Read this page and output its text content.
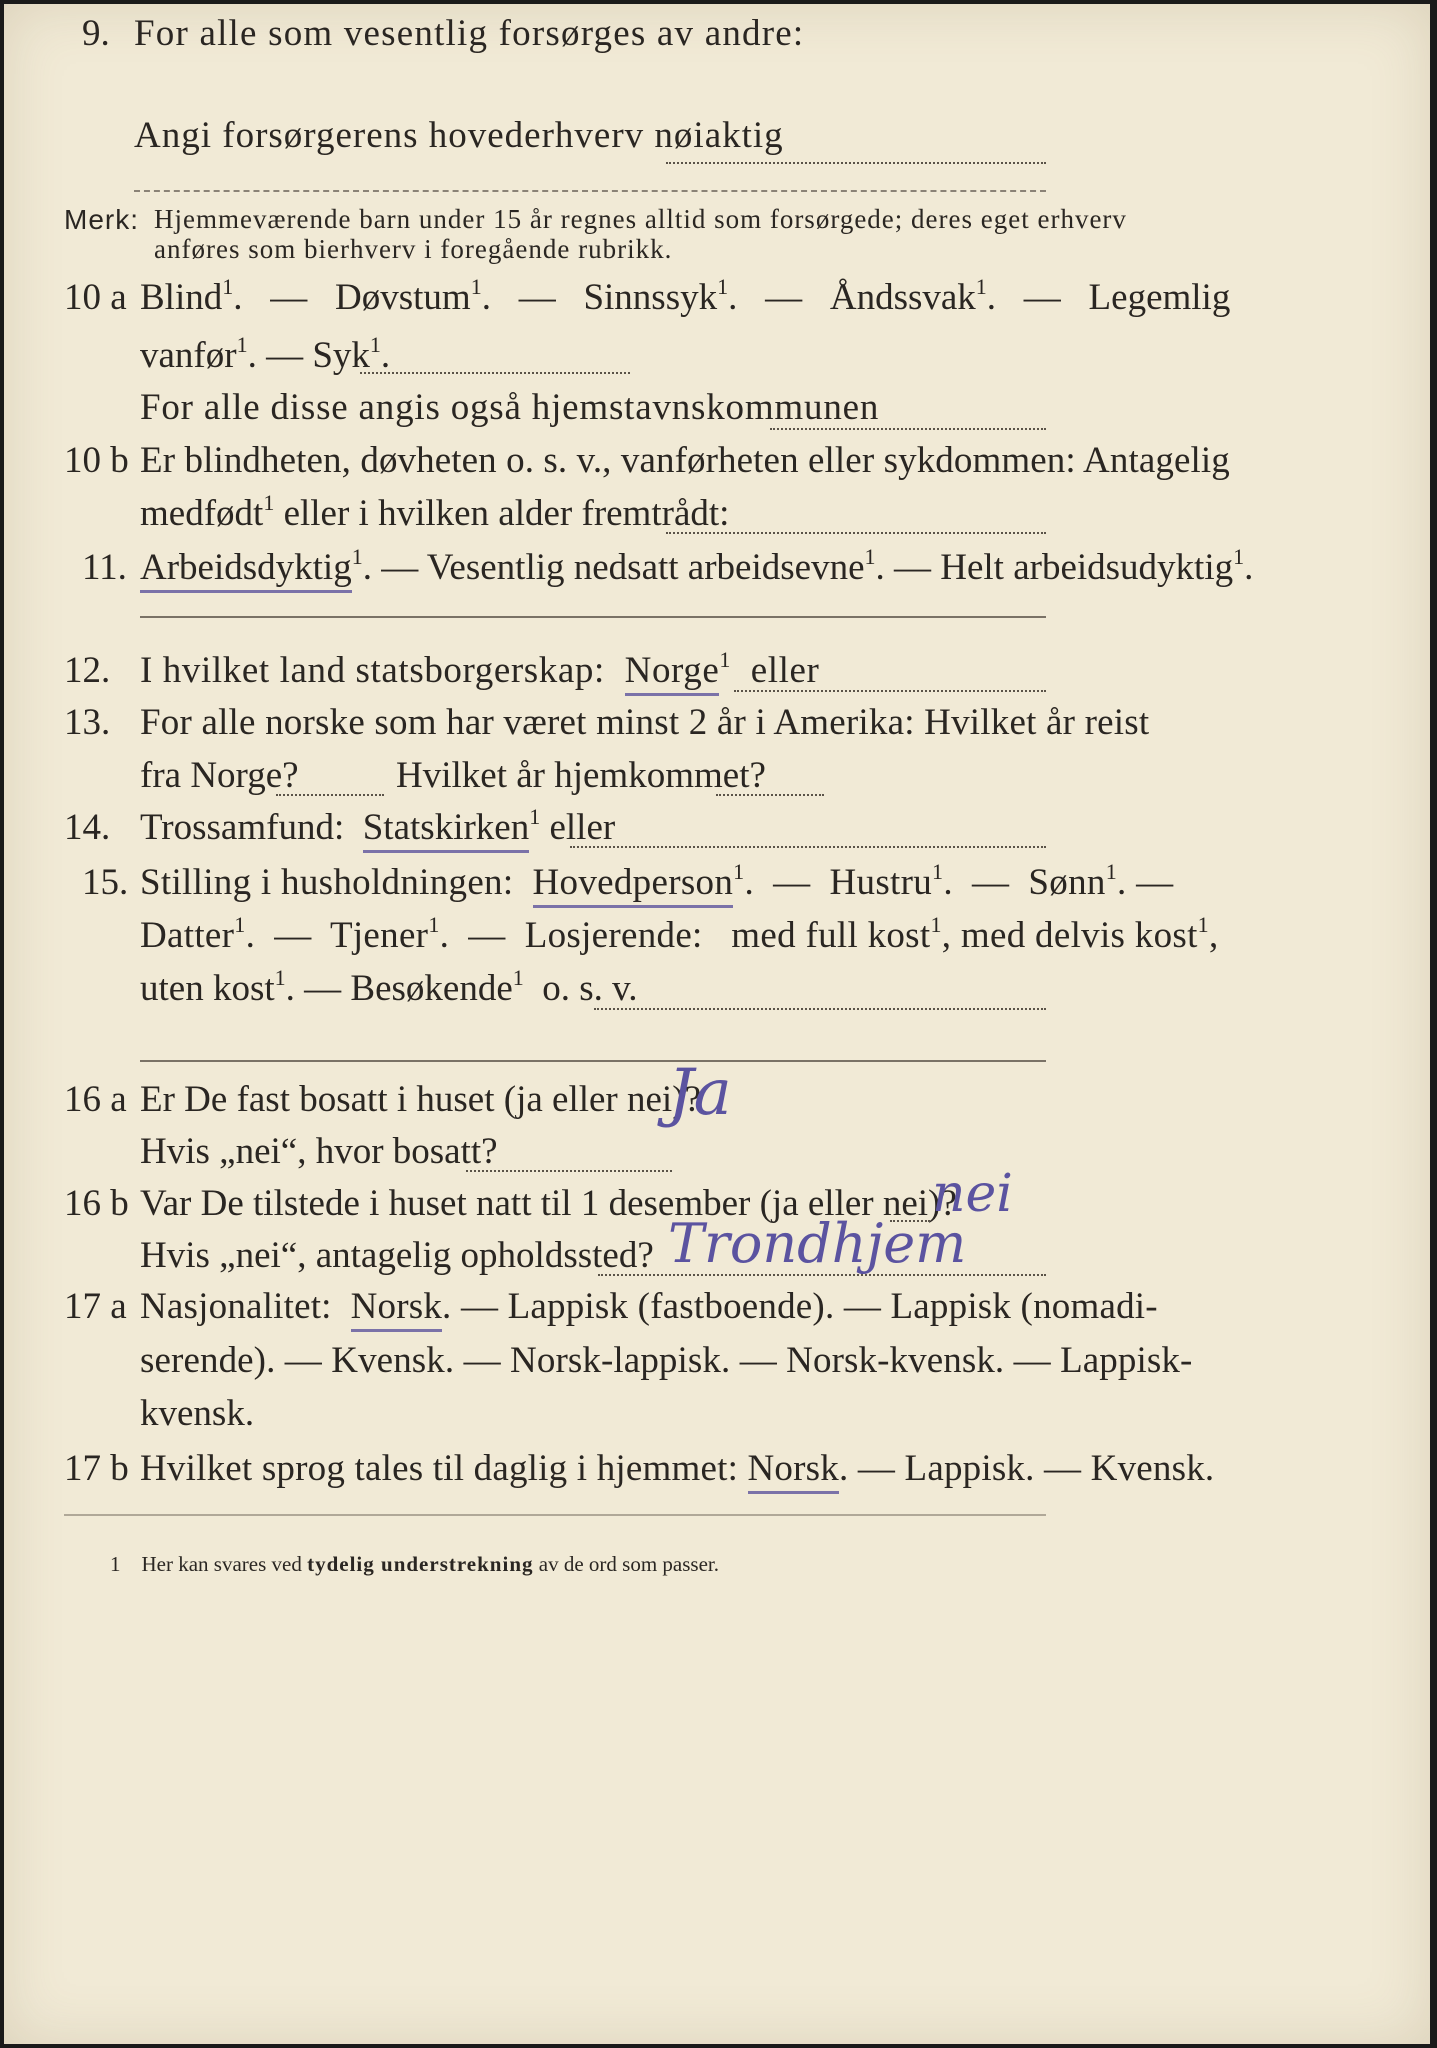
9. For alle som vesentlig forsørges av andre:
Angi forsørgerens hovederhverv nøiaktig
Merk: Hjemmeværende barn under 15 år regnes alltid som forsørgede; deres eget erhverv
anføres som bierhverv i foregående rubrikk.
10 a Blind$^1$.   —   Døvstum$^1$.   —   Sinnssyk$^1$.   —   Åndssvak$^1$.   —   Legemlig
vanfør$^1$. — Syk$^1$.
For alle disse angis også hjemstavnskommunen
10 b Er blindheten, døvheten o. s. v., vanførheten eller sykdommen: Antagelig
medfødt$^1$ eller i hvilken alder fremtrådt:
11. Arbeidsdyktig$^1$. — Vesentlig nedsatt arbeidsevne$^1$. — Helt arbeidsudyktig$^1$.
12. I hvilket land statsborgerskap: Norge$^1$ eller
13. For alle norske som har været minst 2 år i Amerika: Hvilket år reist
fra Norge?	Hvilket år hjemkommet?
14. Trossamfund: Statskirken$^1$ eller
15. Stilling i husholdningen: Hovedperson$^1$.  —  Hustru$^1$.  —  Sønn$^1$. —
Datter$^1$.  —  Tjener$^1$.  —  Losjerende: med full kost$^1$, med delvis kost$^1$,
uten kost$^1$. — Besøkende$^1$ o. s. v.
16 a Er De fast bosatt i huset (ja eller nei)?
Ja
Hvis „nei“, hvor bosatt?
16 b Var De tilstede i huset natt til 1 desember (ja eller nei)?
nei
Hvis „nei“, antagelig opholdssted? Trondhjem
17 a Nasjonalitet: Norsk. — Lappisk (fastboende). — Lappisk (nomadi-
serende). — Kvensk. — Norsk-lappisk. — Norsk-kvensk. — Lappisk-
kvensk.
17 b Hvilket sprog tales til daglig i hjemmet: Norsk. — Lappisk. — Kvensk.
1 Her kan svares ved tydelig understrekning av de ord som passer.
